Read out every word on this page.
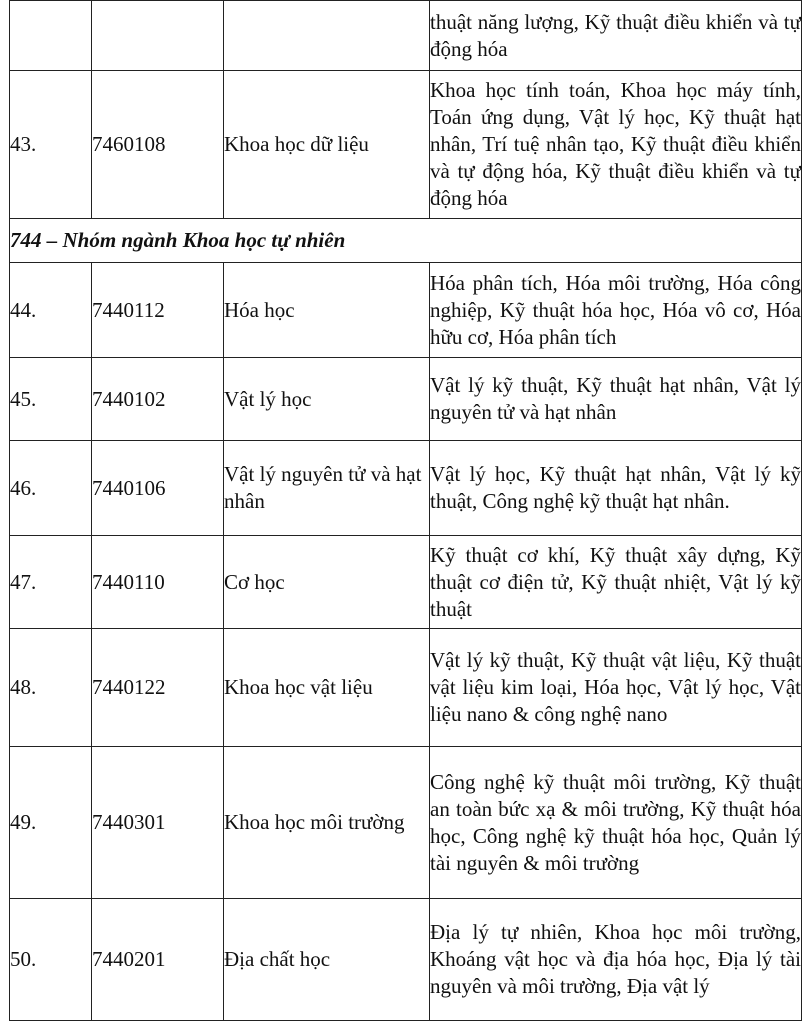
			thuật năng lượng, Kỹ thuật điều khiển và tự động hóa
43.	7460108	Khoa học dữ liệu	Khoa học tính toán, Khoa học máy tính, Toán ứng dụng, Vật lý học, Kỹ thuật hạt nhân, Trí tuệ nhân tạo, Kỹ thuật điều khiển và tự động hóa, Kỹ thuật điều khiển và tự động hóa
744 – Nhóm ngành Khoa học tự nhiên			
44.	7440112	Hóa học	Hóa phân tích, Hóa môi trường, Hóa công nghiệp, Kỹ thuật hóa học, Hóa vô cơ, Hóa hữu cơ, Hóa phân tích
45.	7440102	Vật lý học	Vật lý kỹ thuật, Kỹ thuật hạt nhân, Vật lý nguyên tử và hạt nhân
46.	7440106	Vật lý nguyên tử và hạt nhân	Vật lý học, Kỹ thuật hạt nhân, Vật lý kỹ thuật, Công nghệ kỹ thuật hạt nhân.
47.	7440110	Cơ học	Kỹ thuật cơ khí, Kỹ thuật xây dựng, Kỹ thuật cơ điện tử, Kỹ thuật nhiệt, Vật lý kỹ thuật
48.	7440122	Khoa học vật liệu	Vật lý kỹ thuật, Kỹ thuật vật liệu, Kỹ thuật vật liệu kim loại, Hóa học, Vật lý học, Vật liệu nano & công nghệ nano
49.	7440301	Khoa học môi trường	Công nghệ kỹ thuật môi trường, Kỹ thuật an toàn bức xạ & môi trường, Kỹ thuật hóa học, Công nghệ kỹ thuật hóa học, Quản lý tài nguyên & môi trường
50.	7440201	Địa chất học	Địa lý tự nhiên, Khoa học môi trường, Khoáng vật học và địa hóa học, Địa lý tài nguyên và môi trường, Địa vật lý
